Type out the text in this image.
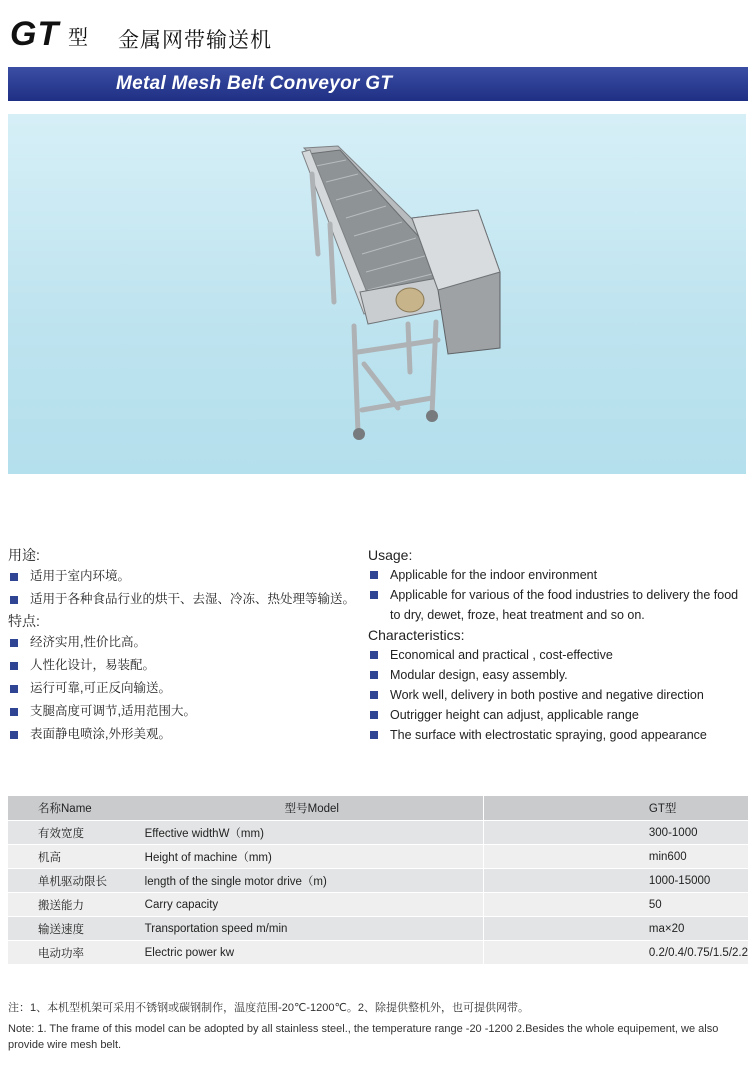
GT 型 金属网带输送机
Metal Mesh Belt Conveyor GT
用途:
适用于室内环境。
适用于各种食品行业的烘干、去湿、冷冻、热处理等输送。
特点:
经济实用,性价比高。
人性化设计，易装配。
运行可靠,可正反向输送。
支腿高度可调节,适用范围大。
表面静电喷涂,外形美观。
Usage:
Applicable for the indoor environment
Applicable for various of the food industries to delivery the food to dry, dewet, froze, heat treatment and so on.
Characteristics:
Economical and practical , cost-effective
Modular design, easy assembly.
Work well, delivery in both postive and negative direction
Outrigger height can adjust, applicable range
The surface with electrostatic spraying, good appearance
名称Name	型号Model	GT型
有效宽度	Effective widthW（mm)	300-1000
机高	Height of machine（mm)	min600
单机驱动限长	length of the single motor drive（m)	1000-15000
搬送能力	Carry capacity	50
输送速度	Transportation speed m/min	ma×20
电动功率	Electric power kw	0.2/0.4/0.75/1.5/2.2
注：1、本机型机架可采用不锈钢或碳钢制作，温度范围-20℃-1200℃。2、除提供整机外，也可提供网带。
Note: 1. The frame of this model can be adopted by all stainless steel., the temperature range -20 -1200 2.Besides the whole equipement, we also provide wire mesh belt.
